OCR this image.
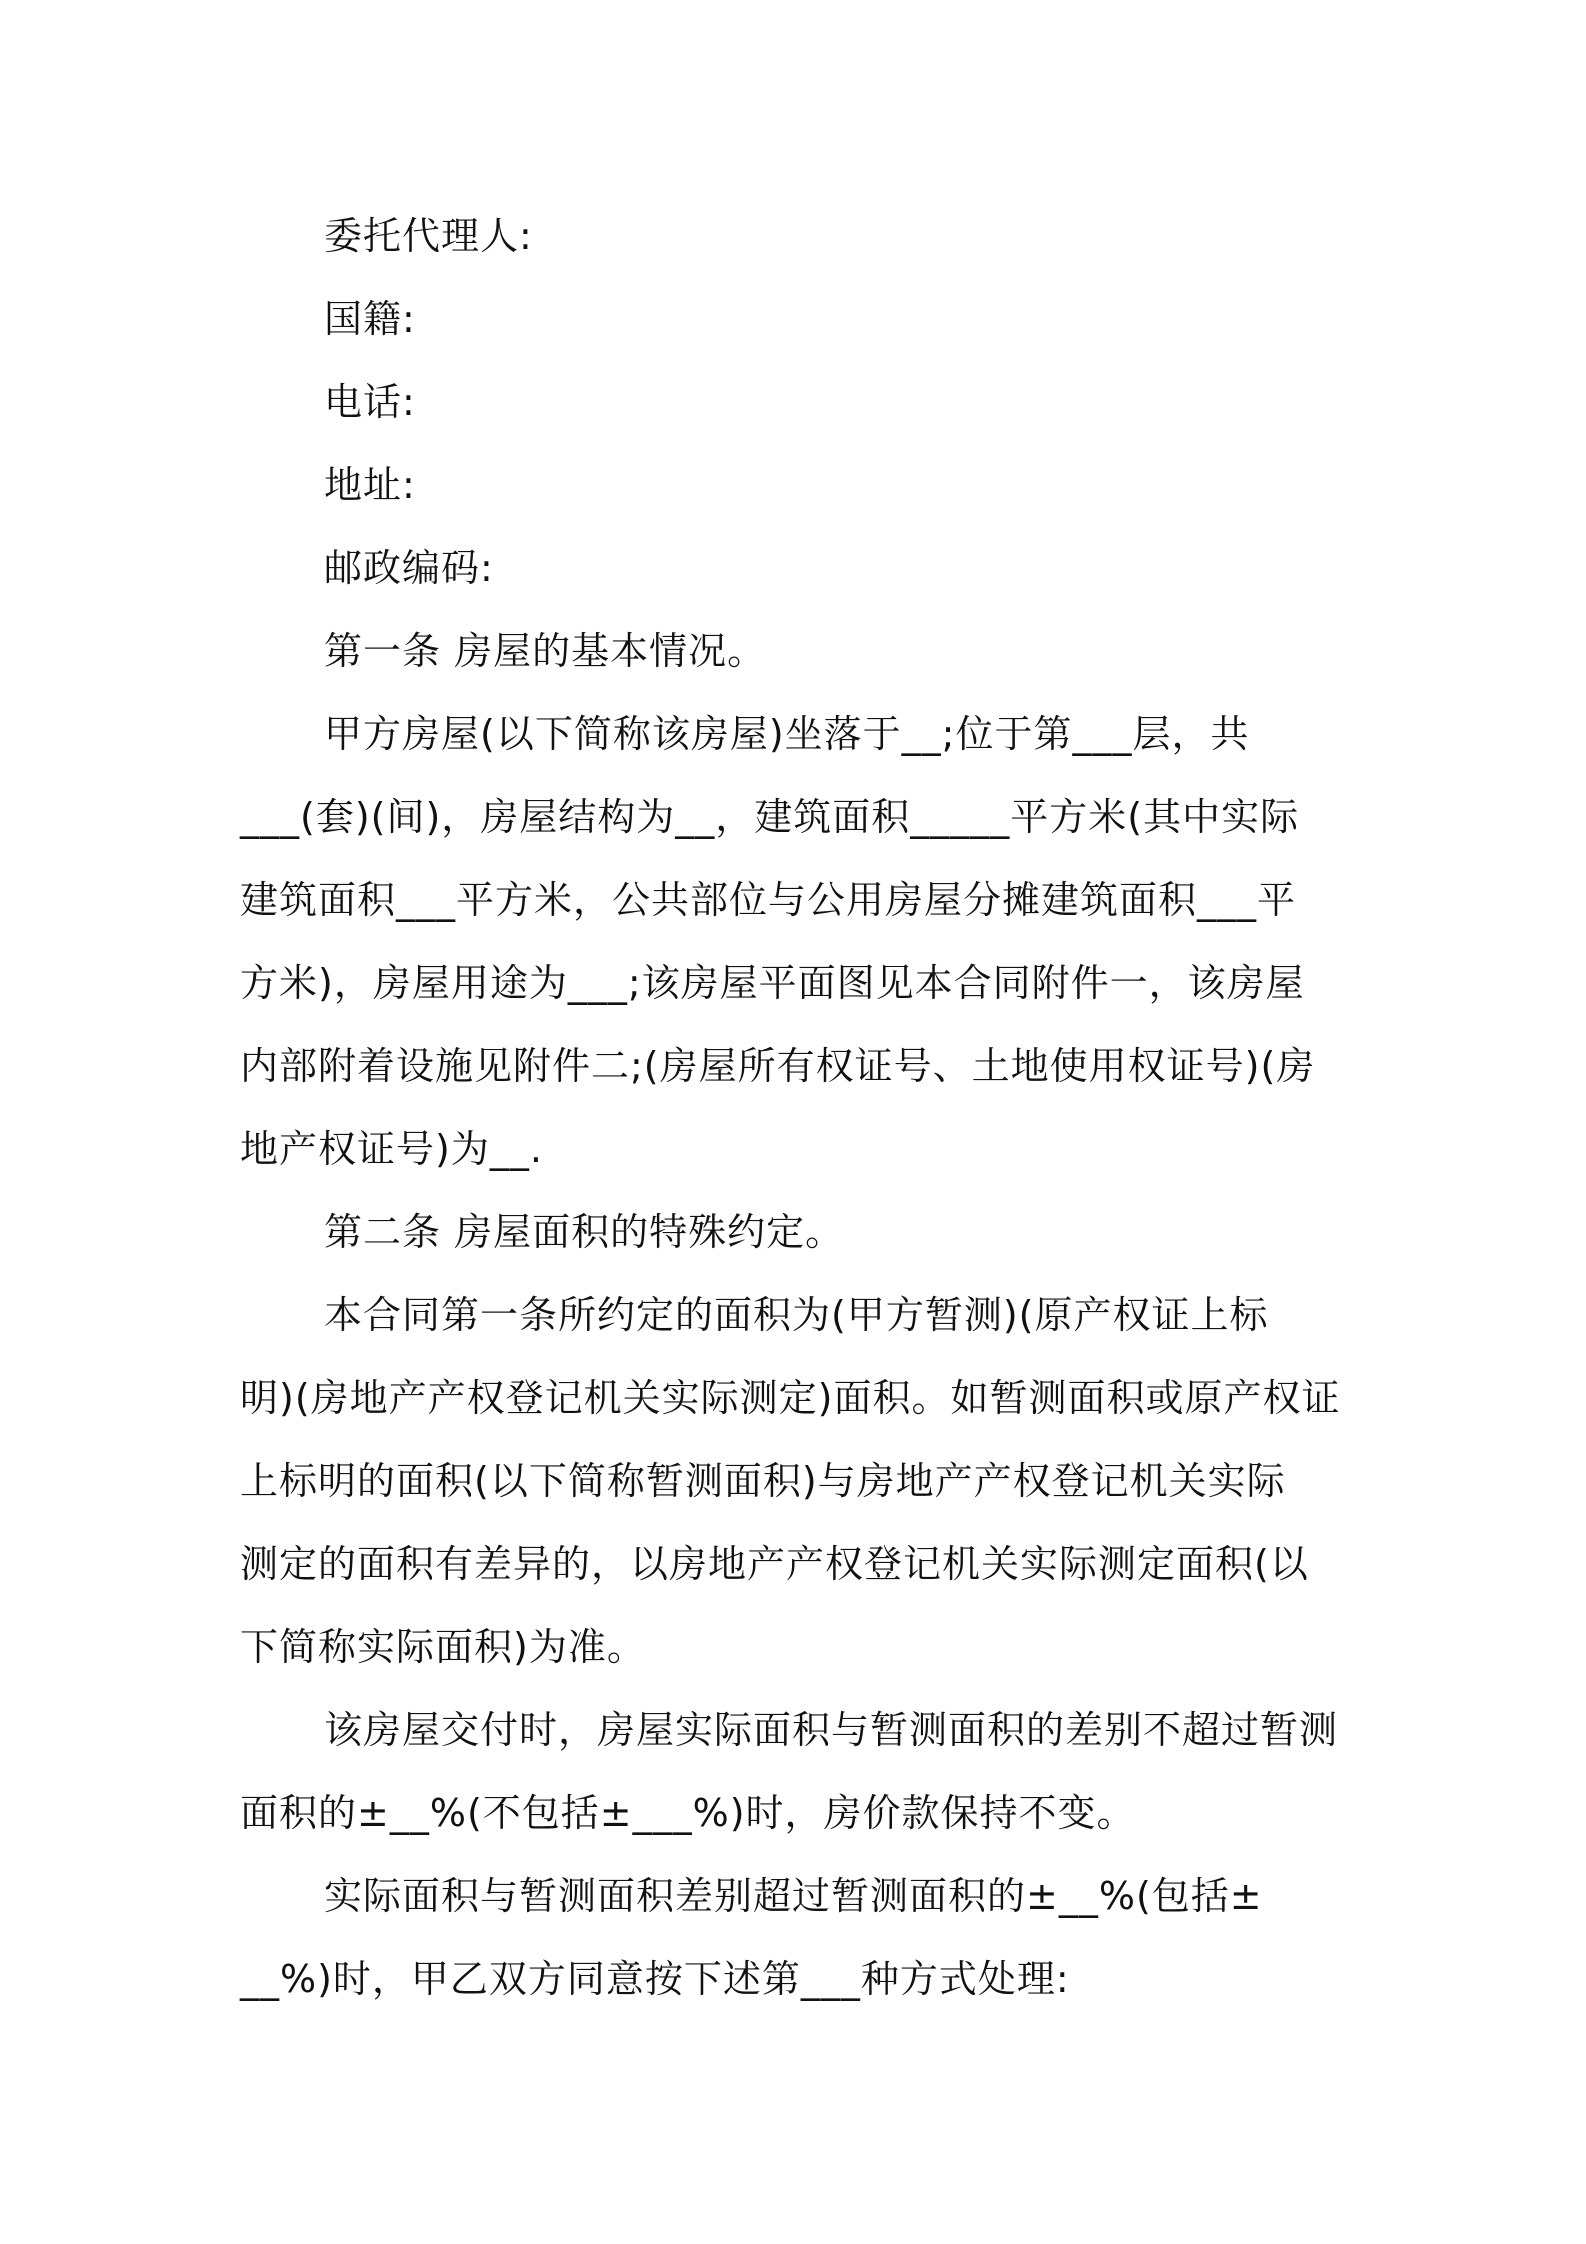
委托代理人:
国籍:
电话:
地址:
邮政编码:
第一条 房屋的基本情况。
甲方房屋(以下简称该房屋)坐落于__;位于第___层，共
___(套)(间)，房屋结构为__，建筑面积_____平方米(其中实际
建筑面积___平方米，公共部位与公用房屋分摊建筑面积___平
方米)，房屋用途为___;该房屋平面图见本合同附件一，该房屋
内部附着设施见附件二;(房屋所有权证号、土地使用权证号)(房
地产权证号)为__.
第二条 房屋面积的特殊约定。
本合同第一条所约定的面积为(甲方暂测)(原产权证上标
明)(房地产产权登记机关实际测定)面积。如暂测面积或原产权证
上标明的面积(以下简称暂测面积)与房地产产权登记机关实际
测定的面积有差异的，以房地产产权登记机关实际测定面积(以
下简称实际面积)为准。
该房屋交付时，房屋实际面积与暂测面积的差别不超过暂测
面积的±__%(不包括±___%)时，房价款保持不变。
实际面积与暂测面积差别超过暂测面积的±__%(包括±
__%)时，甲乙双方同意按下述第___种方式处理:
